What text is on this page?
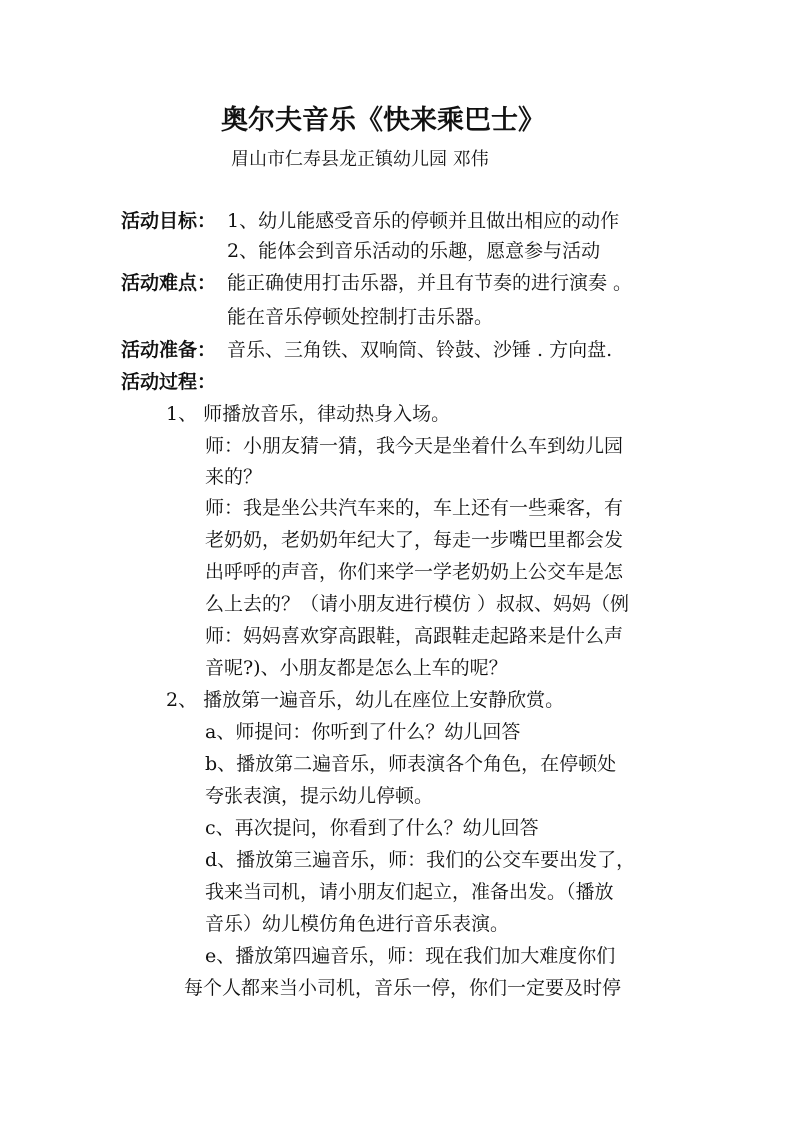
奥尔夫音乐《快来乘巴士》
眉山市仁寿县龙正镇幼儿园 邓伟
活动目标： 1、幼儿能感受音乐的停顿并且做出相应的动作
2、能体会到音乐活动的乐趣，愿意参与活动
活动难点： 能正确使用打击乐器，并且有节奏的进行演奏 。
能在音乐停顿处控制打击乐器。
活动准备： 音乐、三角铁、双响筒、铃鼓、沙锤 . 方向盘.
活动过程：
1、 师播放音乐，律动热身入场。
师：小朋友猜一猜，我今天是坐着什么车到幼儿园
来的？
师：我是坐公共汽车来的，车上还有一些乘客，有
老奶奶，老奶奶年纪大了，每走一步嘴巴里都会发
出呼呼的声音，你们来学一学老奶奶上公交车是怎
么上去的？（请小朋友进行模仿 ）叔叔、妈妈（例
师：妈妈喜欢穿高跟鞋，高跟鞋走起路来是什么声
音呢?)、小朋友都是怎么上车的呢？
2、 播放第一遍音乐，幼儿在座位上安静欣赏。
a、师提问：你听到了什么？幼儿回答
b、播放第二遍音乐，师表演各个角色，在停顿处
夸张表演，提示幼儿停顿。
c、再次提问，你看到了什么？幼儿回答
d、播放第三遍音乐，师：我们的公交车要出发了，
我来当司机，请小朋友们起立，准备出发。（播放
音乐）幼儿模仿角色进行音乐表演。
e、播放第四遍音乐，师：现在我们加大难度你们
每个人都来当小司机，音乐一停，你们一定要及时停
